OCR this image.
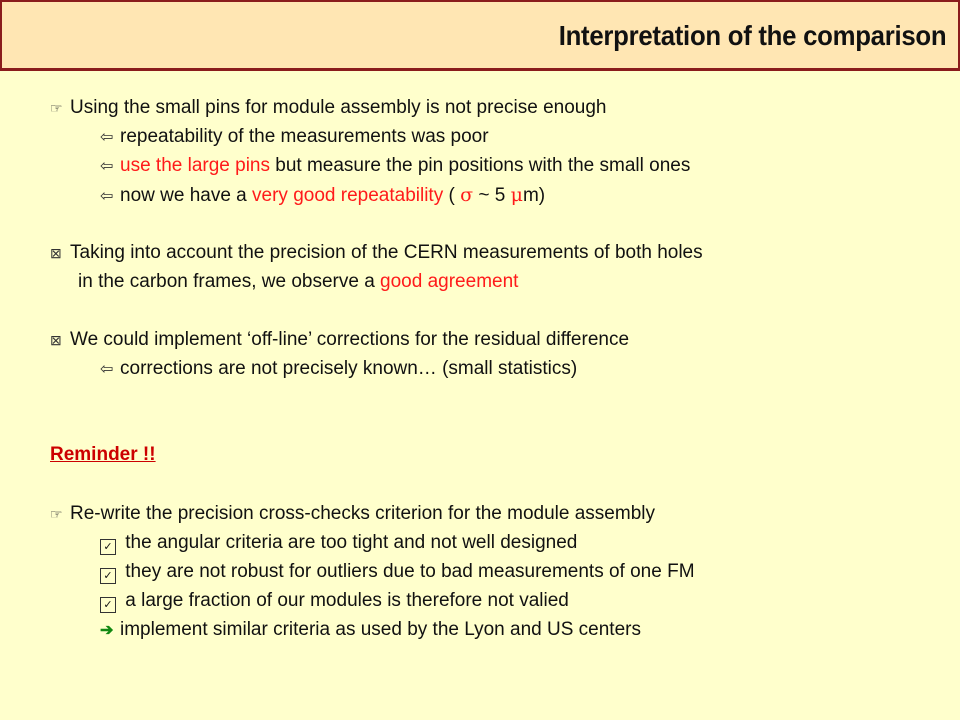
Interpretation of the comparison
☞ Using the small pins for module assembly is not precise enough
⇦ repeatability of the measurements was poor
⇦ use the large pins but measure the pin positions with the small ones
⇦ now we have a very good repeatability ( σ ~ 5 μm)
⊠ Taking into account the precision of the CERN measurements of both holes
in the carbon frames, we observe a good agreement
⊠ We could implement ‘off-line’ corrections for the residual difference
⇦ corrections are not precisely known… (small statistics)
Reminder !!
☞ Re-write the precision cross-checks criterion for the module assembly
✓ the angular criteria are too tight and not well designed
✓ they are not robust for outliers due to bad measurements of one FM
✓ a large fraction of our modules is therefore not valied
➔ implement similar criteria as used by the Lyon and US centers
